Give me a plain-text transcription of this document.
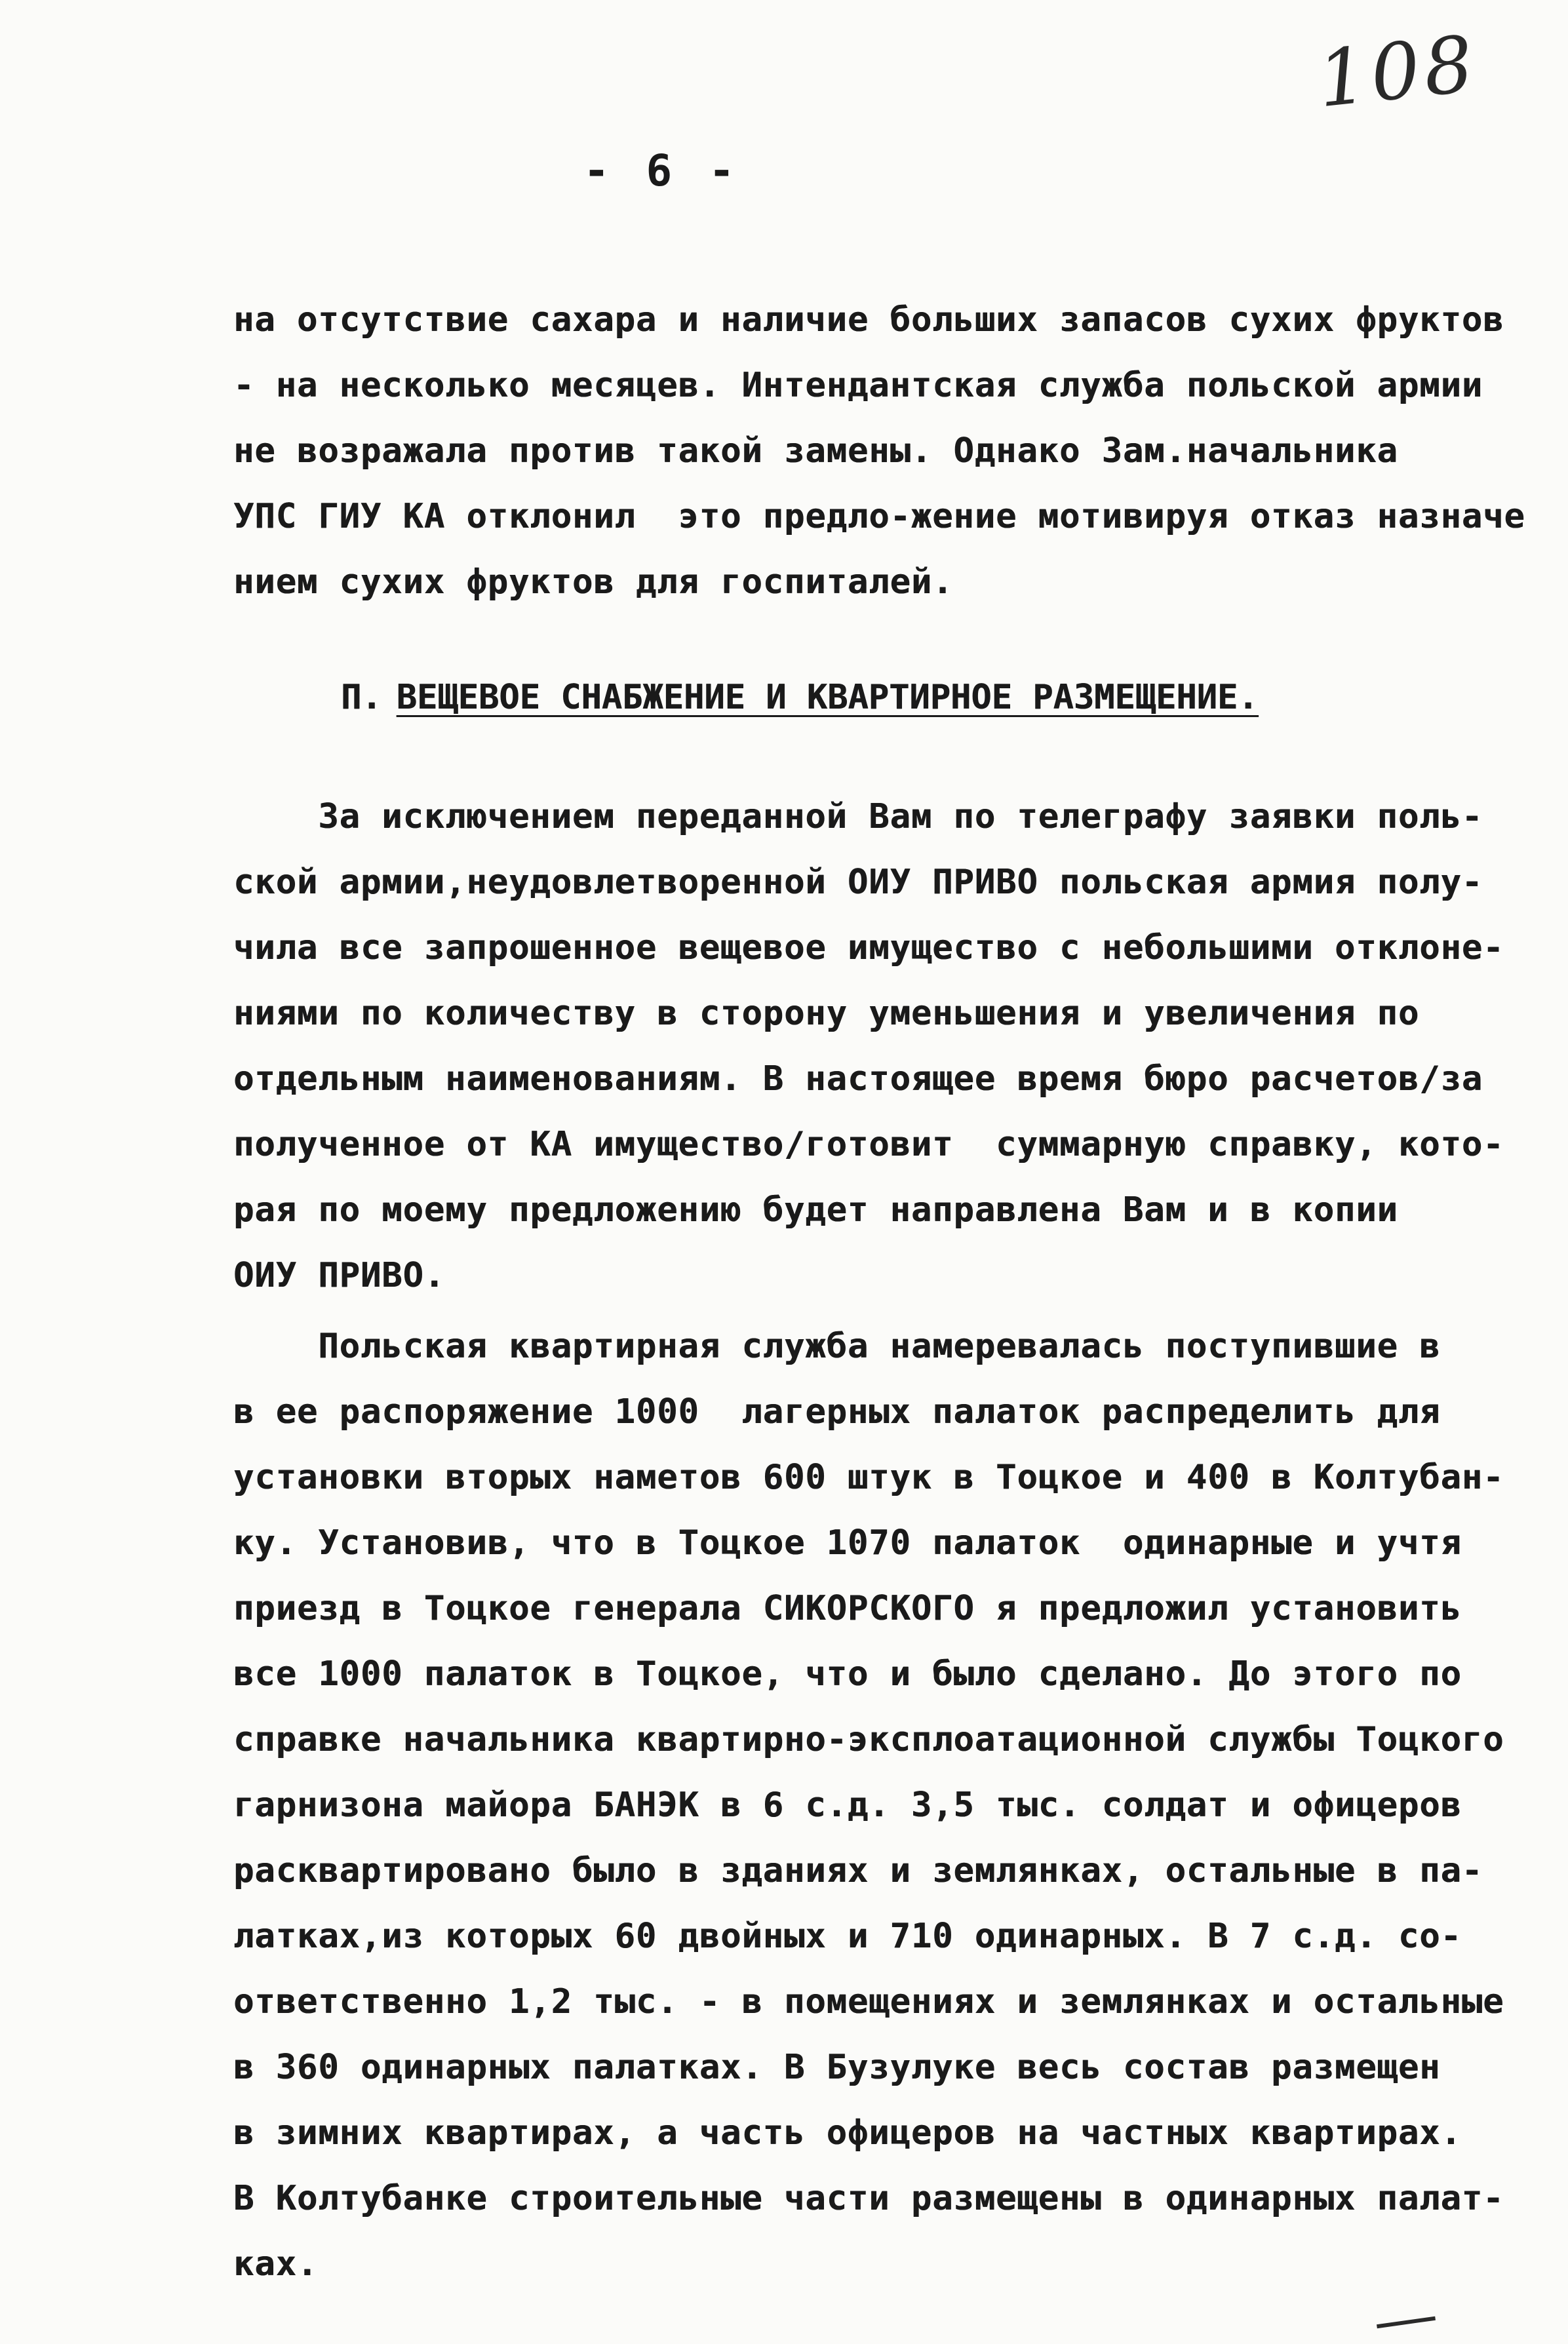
108
- 6 -
на отсутствие сахара и наличие больших запасов сухих фруктов
- на несколько месяцев. Интендантская служба польской армии
не возражала против такой замены. Однако Зам.начальника
УПС ГИУ КА отклонил  это предло-жение мотивируя отказ назначе
нием сухих фруктов для госпиталей.
П. ВЕЩЕВОЕ СНАБЖЕНИЕ И КВАРТИРНОЕ РАЗМЕЩЕНИЕ.
За исключением переданной Вам по телеграфу заявки поль-
ской армии,неудовлетворенной ОИУ ПРИВО польская армия полу-
чила все запрошенное вещевое имущество с небольшими отклоне-
ниями по количеству в сторону уменьшения и увеличения по
отдельным наименованиям. В настоящее время бюро расчетов/за
полученное от КА имущество/готовит  суммарную справку, кото-
рая по моему предложению будет направлена Вам и в копии
ОИУ ПРИВО.
Польская квартирная служба намеревалась поступившие в
в ее распоряжение 1000  лагерных палаток распределить для
установки вторых наметов 600 штук в Тоцкое и 400 в Колтубан-
ку. Установив, что в Тоцкое 1070 палаток  одинарные и учтя
приезд в Тоцкое генерала СИКОРСКОГО я предложил установить
все 1000 палаток в Тоцкое, что и было сделано. До этого по
справке начальника квартирно-эксплоатационной службы Тоцкого
гарнизона майора БАНЭК в 6 с.д. 3,5 тыс. солдат и офицеров
расквартировано было в зданиях и землянках, остальные в па-
латках,из которых 60 двойных и 710 одинарных. В 7 с.д. со-
ответственно 1,2 тыс. - в помещениях и землянках и остальные
в 360 одинарных палатках. В Бузулуке весь состав размещен
в зимних квартирах, а часть офицеров на частных квартирах.
В Колтубанке строительные части размещены в одинарных палат-
ках.
